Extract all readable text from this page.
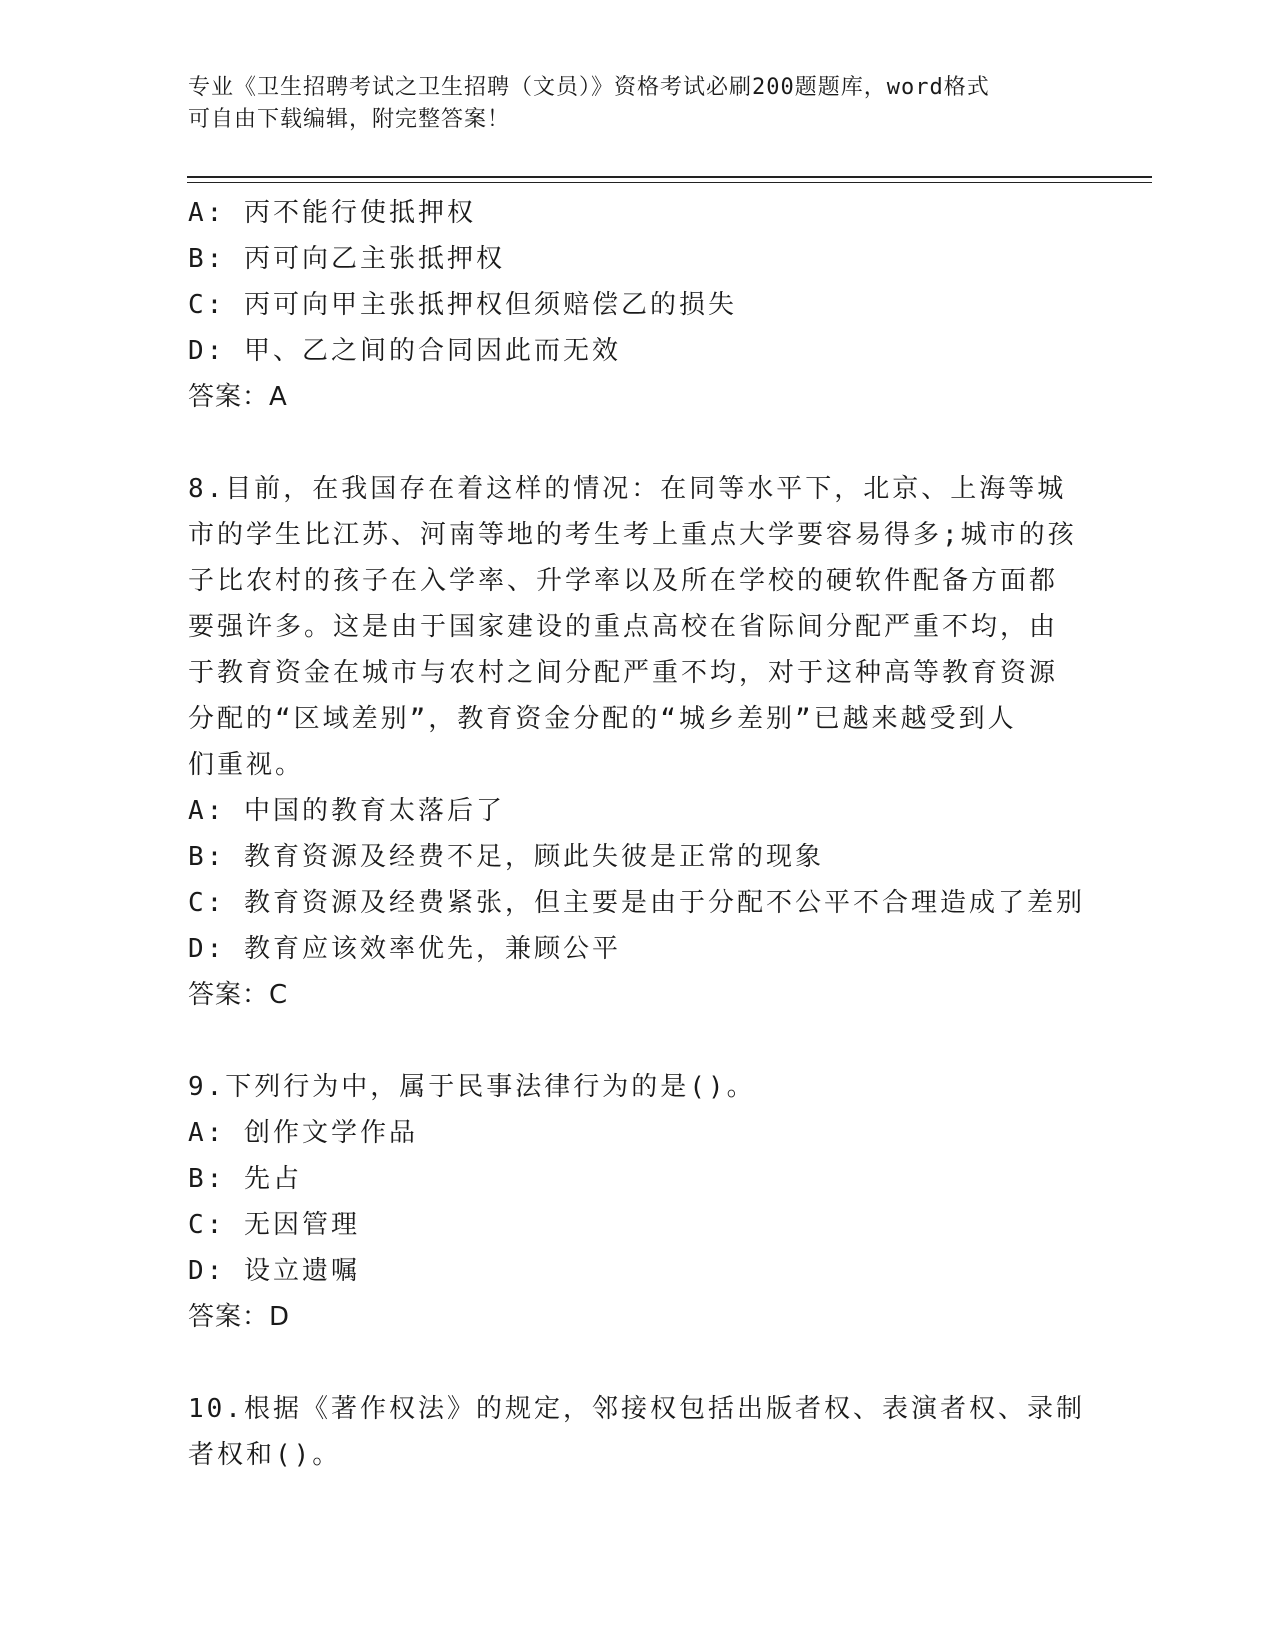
专业《卫生招聘考试之卫生招聘（文员）》资格考试必刷200题题库，word格式
可自由下载编辑，附完整答案！
A: 丙不能行使抵押权
B: 丙可向乙主张抵押权
C: 丙可向甲主张抵押权但须赔偿乙的损失
D: 甲、乙之间的合同因此而无效
答案：A
8.目前，在我国存在着这样的情况：在同等水平下，北京、上海等城
市的学生比江苏、河南等地的考生考上重点大学要容易得多;城市的孩
子比农村的孩子在入学率、升学率以及所在学校的硬软件配备方面都
要强许多。这是由于国家建设的重点高校在省际间分配严重不均，由
于教育资金在城市与农村之间分配严重不均，对于这种高等教育资源
分配的“区域差别”，教育资金分配的“城乡差别”已越来越受到人
们重视。
A: 中国的教育太落后了
B: 教育资源及经费不足，顾此失彼是正常的现象
C: 教育资源及经费紧张，但主要是由于分配不公平不合理造成了差别
D: 教育应该效率优先，兼顾公平
答案：C
9.下列行为中，属于民事法律行为的是()。
A: 创作文学作品
B: 先占
C: 无因管理
D: 设立遗嘱
答案：D
10.根据《著作权法》的规定，邻接权包括出版者权、表演者权、录制
者权和()。
